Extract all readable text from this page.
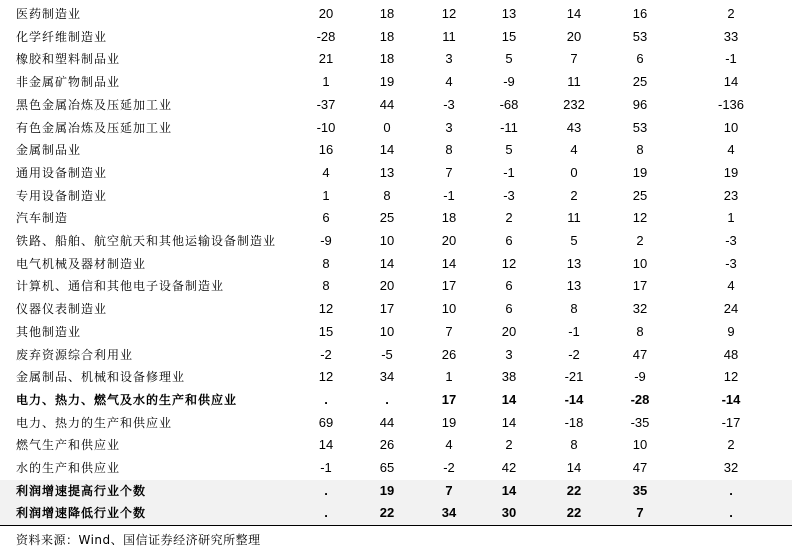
医药制造业	20	18	12	13	14	16	2
化学纤维制造业	-28	18	11	15	20	53	33
橡胶和塑料制品业	21	18	3	5	7	6	-1
非金属矿物制品业	1	19	4	-9	11	25	14
黑色金属冶炼及压延加工业	-37	44	-3	-68	232	96	-136
有色金属冶炼及压延加工业	-10	0	3	-11	43	53	10
金属制品业	16	14	8	5	4	8	4
通用设备制造业	4	13	7	-1	0	19	19
专用设备制造业	1	8	-1	-3	2	25	23
汽车制造	6	25	18	2	11	12	1
铁路、船舶、航空航天和其他运输设备制造业	-9	10	20	6	5	2	-3
电气机械及器材制造业	8	14	14	12	13	10	-3
计算机、通信和其他电子设备制造业	8	20	17	6	13	17	4
仪器仪表制造业	12	17	10	6	8	32	24
其他制造业	15	10	7	20	-1	8	9
废弃资源综合利用业	-2	-5	26	3	-2	47	48
金属制品、机械和设备修理业	12	34	1	38	-21	-9	12
电力、热力、燃气及水的生产和供应业	.	.	17	14	-14	-28	-14
电力、热力的生产和供应业	69	44	19	14	-18	-35	-17
燃气生产和供应业	14	26	4	2	8	10	2
水的生产和供应业	-1	65	-2	42	14	47	32
利润增速提高行业个数	.	19	7	14	22	35	.
利润增速降低行业个数	.	22	34	30	22	7	.
资料来源：Wind、国信证券经济研究所整理
